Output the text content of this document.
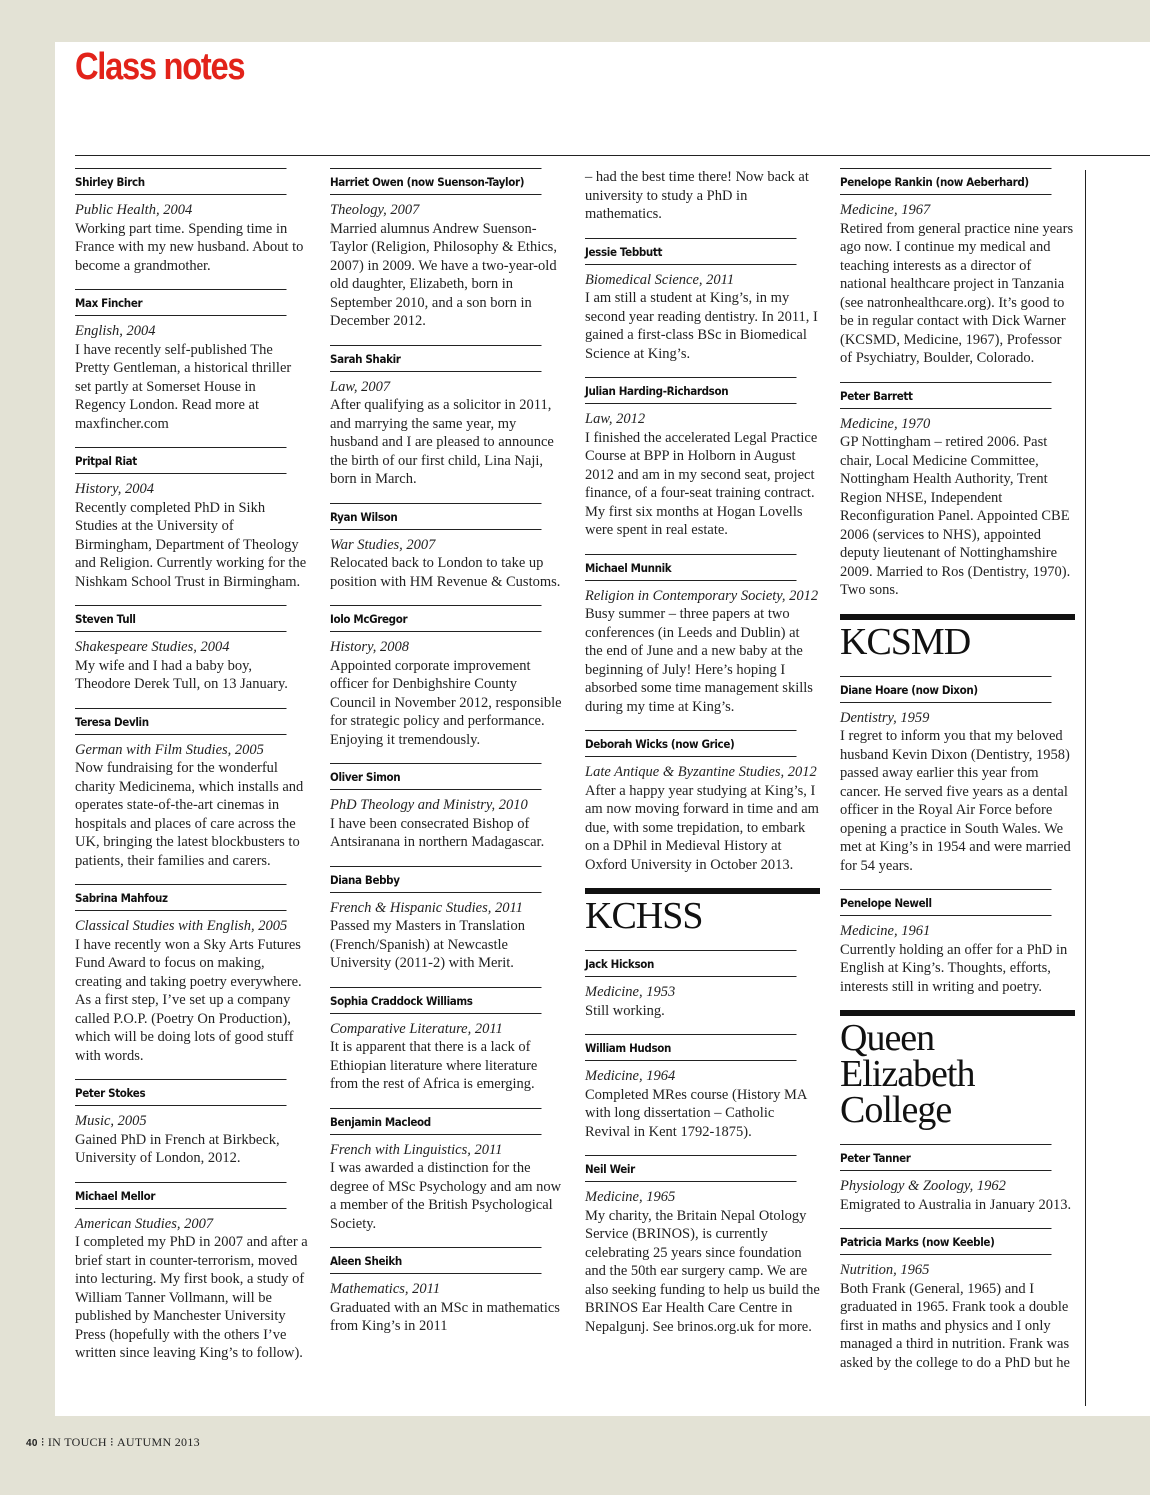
Class notes
Shirley Birch
Public Health, 2004

Working part time. Spending time in France with my new husband. About to become a grandmother.

Max Fincher
English, 2004

I have recently self-published The Pretty Gentleman, a historical thriller set partly at Somerset House in Regency London. Read more at maxfincher.com

Pritpal Riat
History, 2004

Recently completed PhD in Sikh Studies at the University of Birmingham, Department of Theology and Religion. Currently working for the Nishkam School Trust in Birmingham.

Steven Tull
Shakespeare Studies, 2004

My wife and I had a baby boy, Theodore Derek Tull, on 13 January.

Teresa Devlin
German with Film Studies, 2005

Now fundraising for the wonderful charity Medicinema, which installs and operates state-of-the-art cinemas in hospitals and places of care across the UK, bringing the latest blockbusters to patients, their families and carers.

Sabrina Mahfouz
Classical Studies with English, 2005

I have recently won a Sky Arts Futures Fund Award to focus on making, creating and taking poetry everywhere. As a first step, I’ve set up a company called P.O.P. (Poetry On Production), which will be doing lots of good stuff with words.

Peter Stokes
Music, 2005

Gained PhD in French at Birkbeck, University of London, 2012.

Michael Mellor
American Studies, 2007

I completed my PhD in 2007 and after a brief start in counter-terrorism, moved into lecturing. My first book, a study of William Tanner Vollmann, will be published by Manchester University Press (hopefully with the others I’ve written since leaving King’s to follow).

Harriet Owen (now Suenson-Taylor)
Theology, 2007

Married alumnus Andrew Suenson-Taylor (Religion, Philosophy & Ethics, 2007) in 2009. We have a two-year-old old daughter, Elizabeth, born in September 2010, and a son born in December 2012.

Sarah Shakir
Law, 2007

After qualifying as a solicitor in 2011, and marrying the same year, my husband and I are pleased to announce the birth of our first child, Lina Naji, born in March.

Ryan Wilson
War Studies, 2007

Relocated back to London to take up position with HM Revenue & Customs.

Iolo McGregor
History, 2008

Appointed corporate improvement officer for Denbighshire County Council in November 2012, responsible for strategic policy and performance. Enjoying it tremendously.

Oliver Simon
PhD Theology and Ministry, 2010

I have been consecrated Bishop of Antsiranana in northern Madagascar.

Diana Bebby
French & Hispanic Studies, 2011

Passed my Masters in Translation (French/Spanish) at Newcastle University (2011-2) with Merit.

Sophia Craddock Williams
Comparative Literature, 2011

It is apparent that there is a lack of Ethiopian literature where literature from the rest of Africa is emerging.

Benjamin Macleod
French with Linguistics, 2011

I was awarded a distinction for the degree of MSc Psychology and am now a member of the British Psychological Society.

Aleen Sheikh
Mathematics, 2011

Graduated with an MSc in mathematics from King’s in 2011

– had the best time there! Now back at university to study a PhD in mathematics.

Jessie Tebbutt
Biomedical Science, 2011

I am still a student at King’s, in my second year reading dentistry. In 2011, I gained a first-class BSc in Biomedical Science at King’s.

Julian Harding-Richardson
Law, 2012

I finished the accelerated Legal Practice Course at BPP in Holborn in August 2012 and am in my second seat, project finance, of a four-seat training contract. My first six months at Hogan Lovells were spent in real estate.

Michael Munnik
Religion in Contemporary Society, 2012

Busy summer – three papers at two conferences (in Leeds and Dublin) at the end of June and a new baby at the beginning of July! Here’s hoping I absorbed some time management skills during my time at King’s.

Deborah Wicks (now Grice)
Late Antique & Byzantine Studies, 2012

After a happy year studying at King’s, I am now moving forward in time and am due, with some trepidation, to embark on a DPhil in Medieval History at Oxford University in October 2013.

KCHSS
Jack Hickson
Medicine, 1953

Still working.

William Hudson
Medicine, 1964

Completed MRes course (History MA with long dissertation – Catholic Revival in Kent 1792-1875).

Neil Weir
Medicine, 1965

My charity, the Britain Nepal Otology Service (BRINOS), is currently celebrating 25 years since foundation and the 50th ear surgery camp. We are also seeking funding to help us build the BRINOS Ear Health Care Centre in Nepalgunj. See brinos.org.uk for more.

Penelope Rankin (now Aeberhard)
Medicine, 1967

Retired from general practice nine years ago now. I continue my medical and teaching interests as a director of national healthcare project in Tanzania (see natronhealthcare.org). It’s good to be in regular contact with Dick Warner (KCSMD, Medicine, 1967), Professor of Psychiatry, Boulder, Colorado.

Peter Barrett
Medicine, 1970

GP Nottingham – retired 2006. Past chair, Local Medicine Committee, Nottingham Health Authority, Trent Region NHSE, Independent Reconfiguration Panel. Appointed CBE 2006 (services to NHS), appointed deputy lieutenant of Nottinghamshire 2009. Married to Ros (Dentistry, 1970). Two sons.

KCSMD
Diane Hoare (now Dixon)
Dentistry, 1959

I regret to inform you that my beloved husband Kevin Dixon (Dentistry, 1958) passed away earlier this year from cancer. He served five years as a dental officer in the Royal Air Force before opening a practice in South Wales. We met at King’s in 1954 and were married for 54 years.

Penelope Newell
Medicine, 1961

Currently holding an offer for a PhD in English at King’s. Thoughts, efforts, interests still in writing and poetry.

Queen Elizabeth College
Peter Tanner
Physiology & Zoology, 1962

Emigrated to Australia in January 2013.

Patricia Marks (now Keeble)
Nutrition, 1965

Both Frank (General, 1965) and I graduated in 1965. Frank took a double first in maths and physics and I only managed a third in nutrition. Frank was asked by the college to do a PhD but he

40 ⁝ IN TOUCH ⁝ AUTUMN 2013
